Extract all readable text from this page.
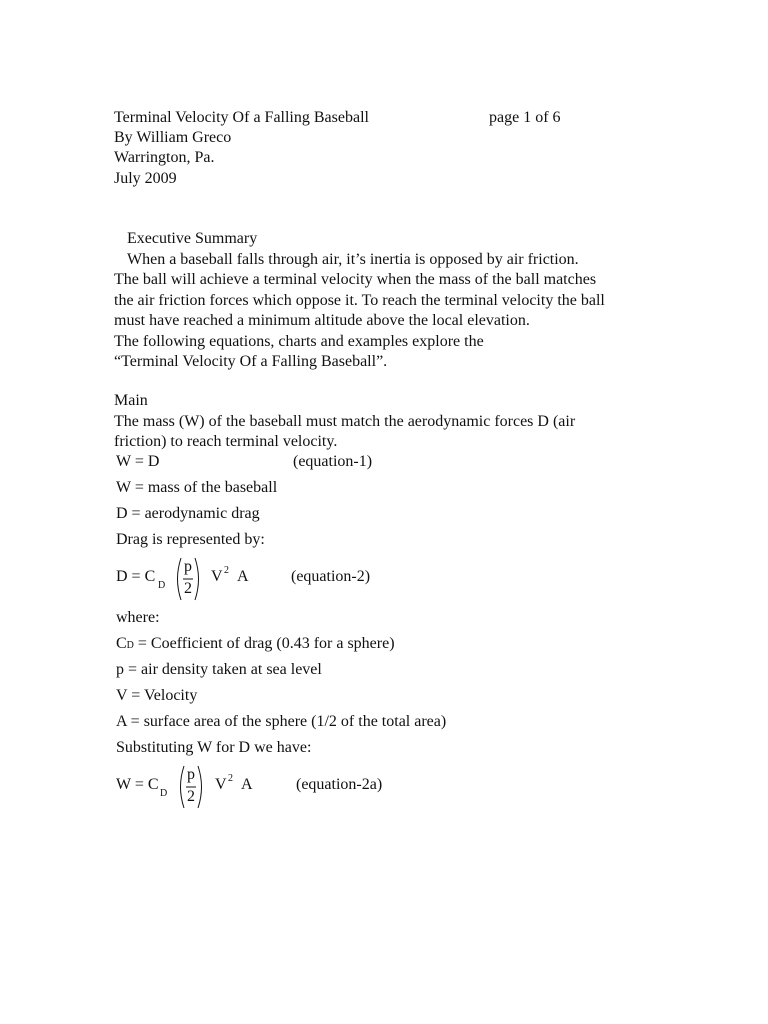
Terminal Velocity Of a Falling Baseball	page 1 of 6
By William Greco
Warrington, Pa.
July 2009
Executive Summary

When a baseball falls through air, it’s inertia is opposed by air friction.

The ball will achieve a terminal velocity when the mass of the ball matches

the air friction forces which oppose it. To reach the terminal velocity the ball

must have reached a minimum altitude above the local elevation.

The following equations, charts and examples explore the

“Terminal Velocity Of a Falling Baseball”.

Main

The mass (W) of the baseball must match the aerodynamic forces D (air

friction) to reach terminal velocity.

W = D	(equation-1)
W = mass of the baseball
D = aerodynamic drag
Drag is represented by:
D = C
D
p
2
V 2 A	(equation-2)
where:
CD = Coefficient of drag (0.43 for a sphere)
p = air density taken at sea level
V = Velocity
A = surface area of the sphere (1/2 of the total area)
Substituting W for D we have:
W = C
D
p
2
V 2 A	(equation-2a)
